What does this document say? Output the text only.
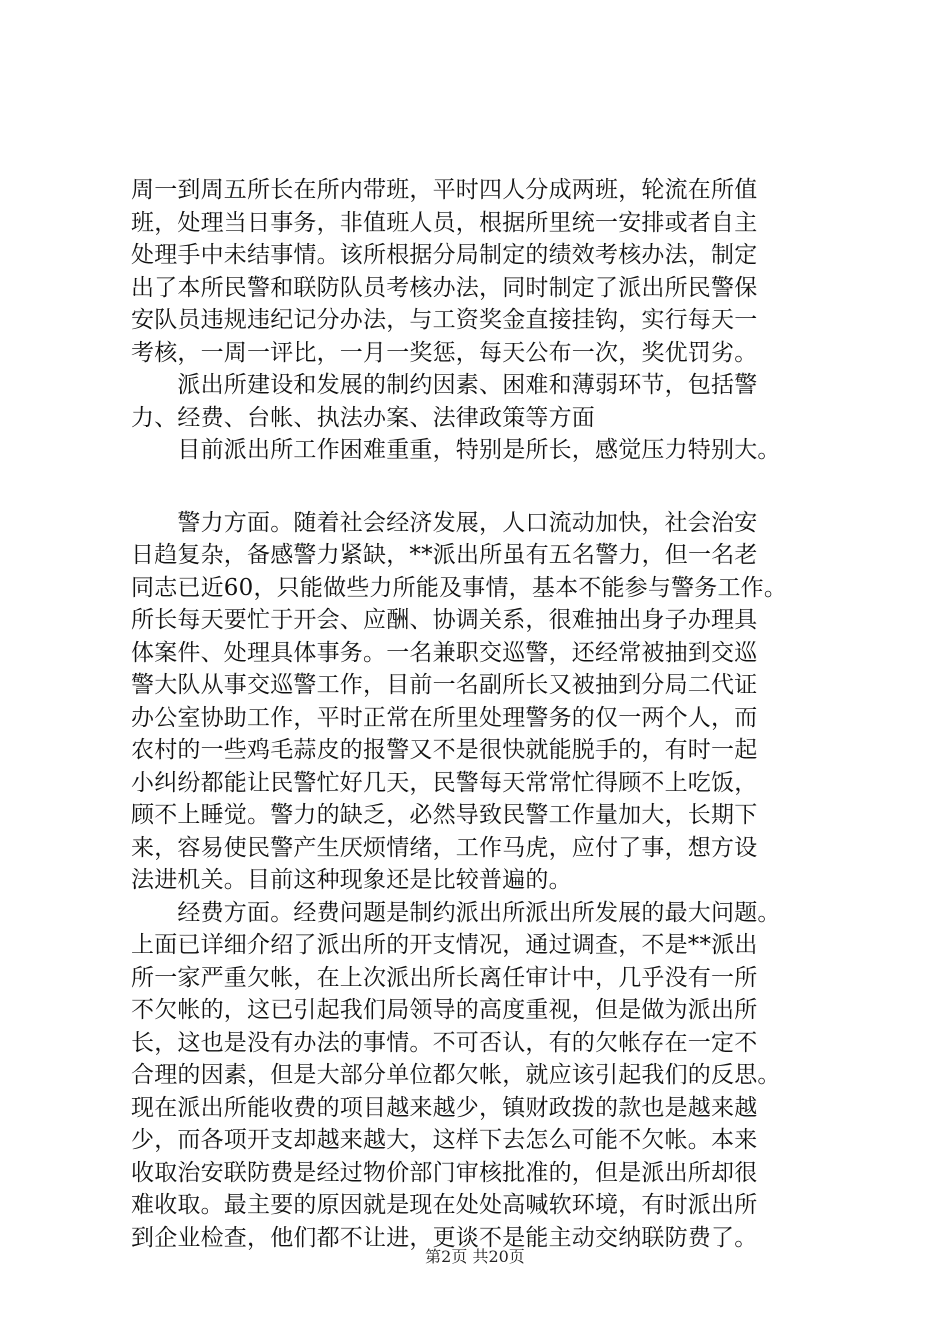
周一到周五所长在所内带班，平时四人分成两班，轮流在所值
班，处理当日事务，非值班人员，根据所里统一安排或者自主
处理手中未结事情。该所根据分局制定的绩效考核办法，制定
出了本所民警和联防队员考核办法，同时制定了派出所民警保
安队员违规违纪记分办法，与工资奖金直接挂钩，实行每天一
考核，一周一评比，一月一奖惩，每天公布一次，奖优罚劣。
　　派出所建设和发展的制约因素、困难和薄弱环节，包括警
力、经费、台帐、执法办案、法律政策等方面
　　目前派出所工作困难重重，特别是所长，感觉压力特别大。
　　警力方面。随着社会经济发展，人口流动加快，社会治安
日趋复杂，备感警力紧缺，**派出所虽有五名警力，但一名老
同志已近60，只能做些力所能及事情，基本不能参与警务工作。
所长每天要忙于开会、应酬、协调关系，很难抽出身子办理具
体案件、处理具体事务。一名兼职交巡警，还经常被抽到交巡
警大队从事交巡警工作，目前一名副所长又被抽到分局二代证
办公室协助工作，平时正常在所里处理警务的仅一两个人，而
农村的一些鸡毛蒜皮的报警又不是很快就能脱手的，有时一起
小纠纷都能让民警忙好几天，民警每天常常忙得顾不上吃饭，
顾不上睡觉。警力的缺乏，必然导致民警工作量加大，长期下
来，容易使民警产生厌烦情绪，工作马虎，应付了事，想方设
法进机关。目前这种现象还是比较普遍的。
　　经费方面。经费问题是制约派出所派出所发展的最大问题。
上面已详细介绍了派出所的开支情况，通过调查，不是**派出
所一家严重欠帐，在上次派出所长离任审计中，几乎没有一所
不欠帐的，这已引起我们局领导的高度重视，但是做为派出所
长，这也是没有办法的事情。不可否认，有的欠帐存在一定不
合理的因素，但是大部分单位都欠帐，就应该引起我们的反思。
现在派出所能收费的项目越来越少，镇财政拨的款也是越来越
少，而各项开支却越来越大，这样下去怎么可能不欠帐。本来
收取治安联防费是经过物价部门审核批准的，但是派出所却很
难收取。最主要的原因就是现在处处高喊软环境，有时派出所
到企业检查，他们都不让进，更谈不是能主动交纳联防费了。
第2页 共20页
